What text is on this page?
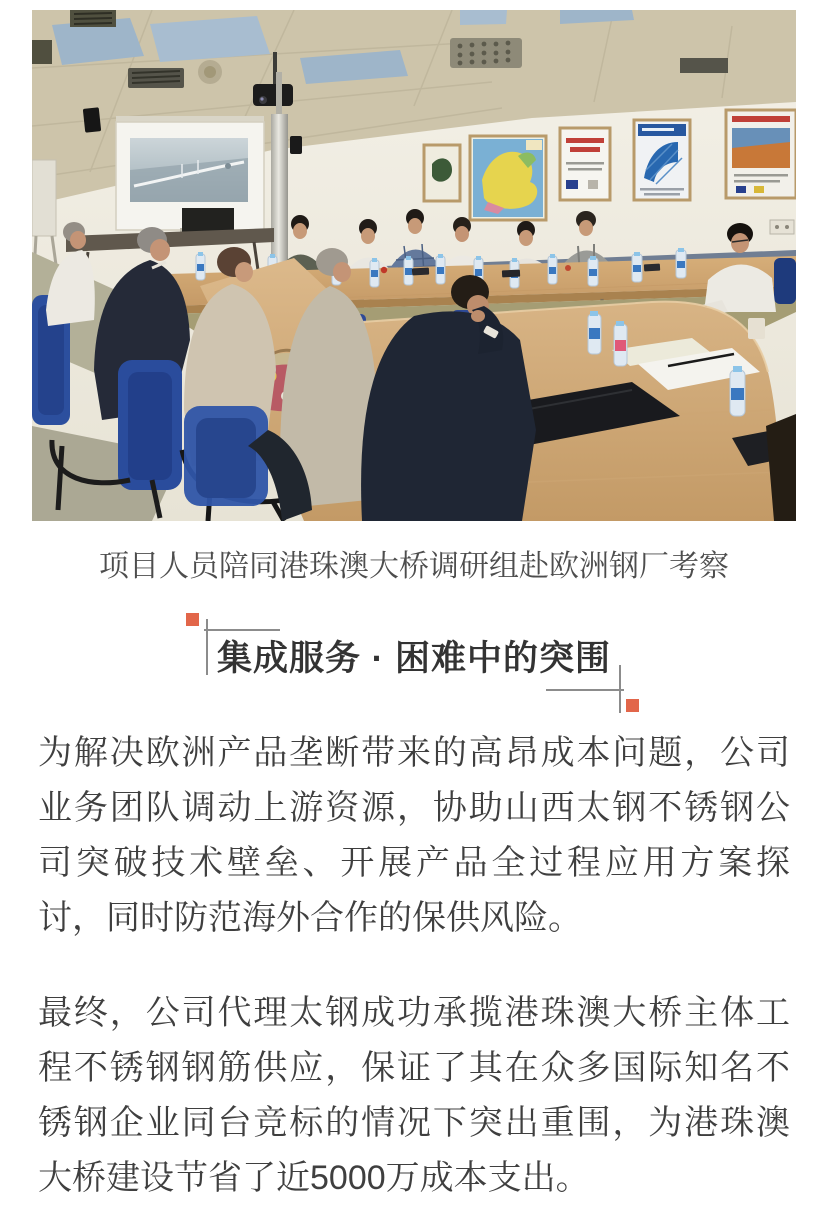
项目人员陪同港珠澳大桥调研组赴欧洲钢厂考察
集成服务 · 困难中的突围
为解决欧洲产品垄断带来的高昂成本问题，公司
业务团队调动上游资源，协助山西太钢不锈钢公
司突破技术壁垒、开展产品全过程应用方案探
讨，同时防范海外合作的保供风险。
最终，公司代理太钢成功承揽港珠澳大桥主体工
程不锈钢钢筋供应，保证了其在众多国际知名不
锈钢企业同台竞标的情况下突出重围，为港珠澳
大桥建设节省了近5000万成本支出。
